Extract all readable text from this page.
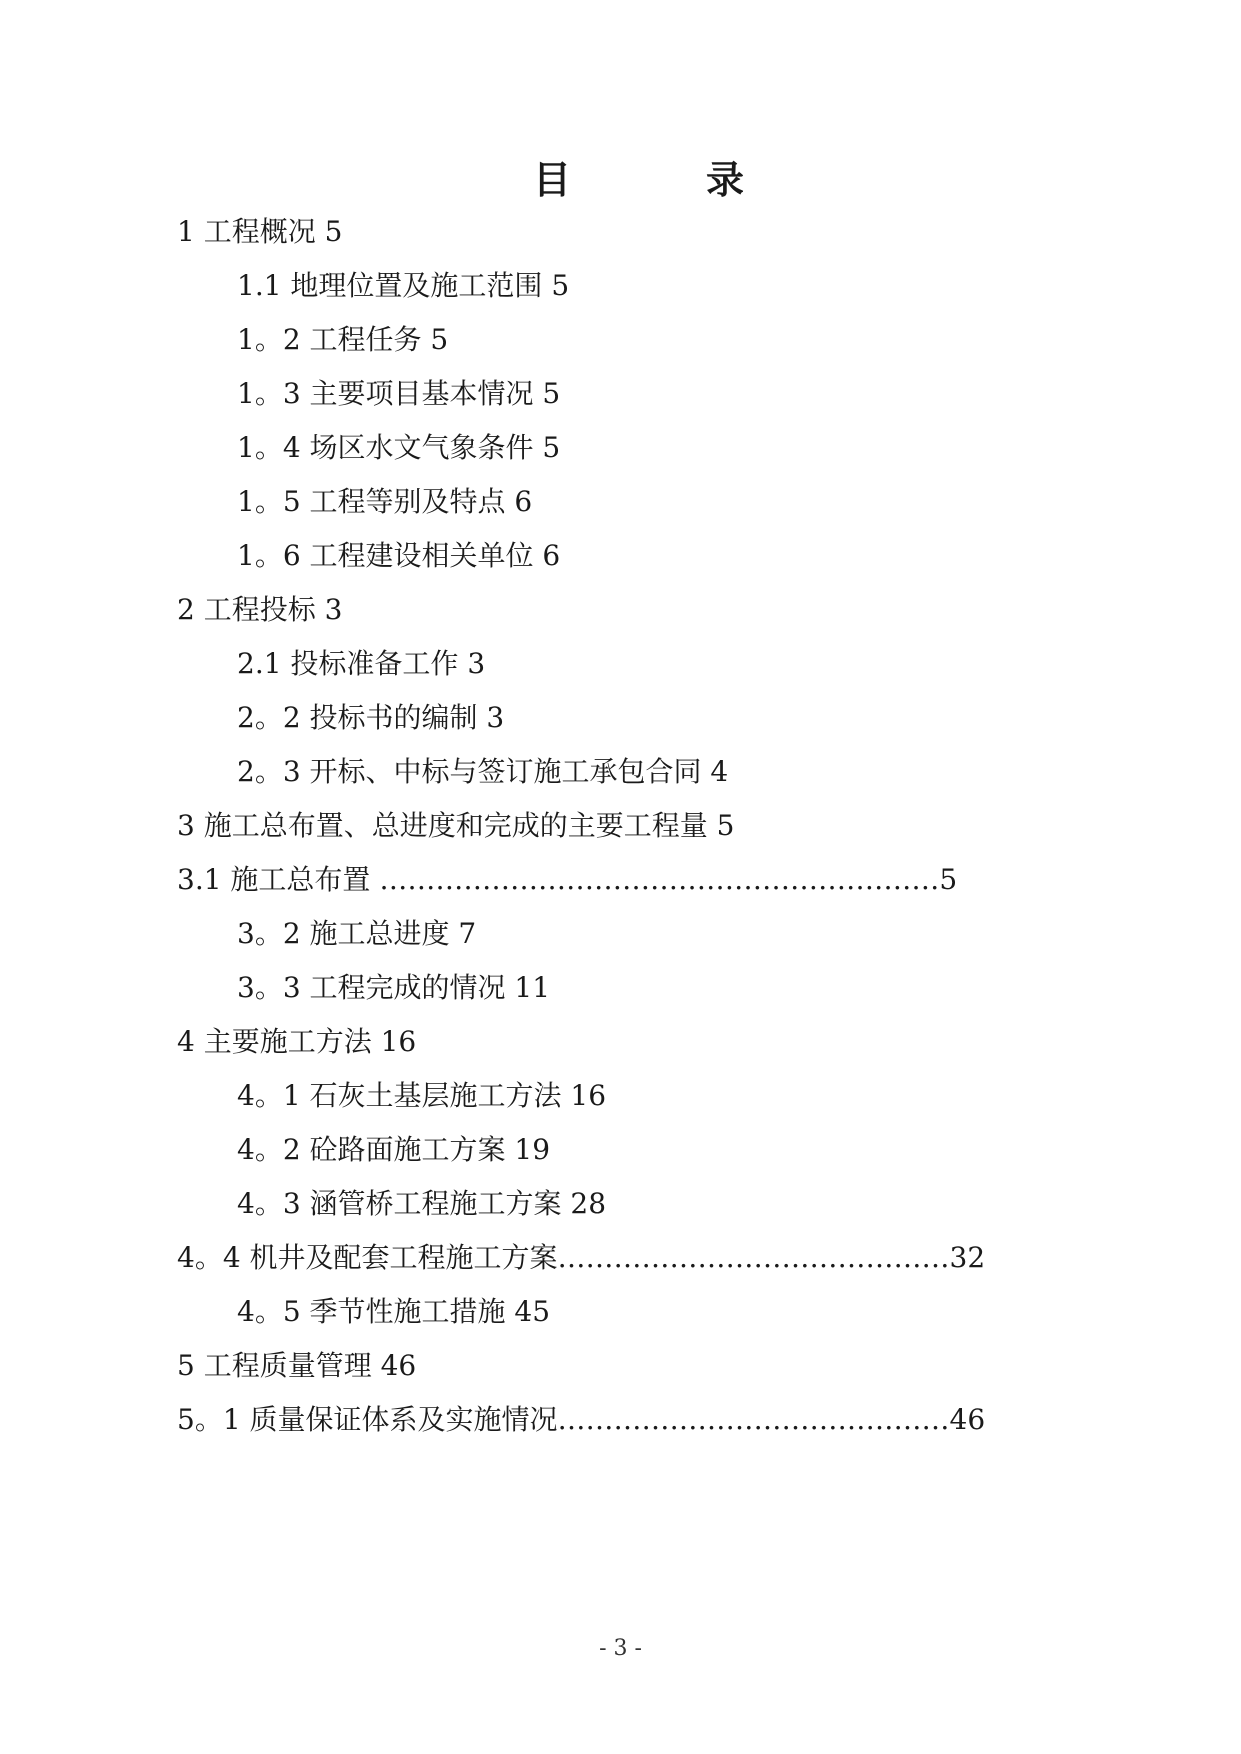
目	录
1 工程概况 5
1.1 地理位置及施工范围 5
1。2 工程任务 5
1。3 主要项目基本情况 5
1。4 场区水文气象条件 5
1。5 工程等别及特点 6
1。6 工程建设相关单位 6
2 工程投标 3
2.1 投标准备工作 3
2。2 投标书的编制 3
2。3 开标、中标与签订施工承包合同 4
3 施工总布置、总进度和完成的主要工程量 5
3.1 施工总布置 ……………………………………………………5
3。2 施工总进度 7
3。3 工程完成的情况 11
4 主要施工方法 16
4。1 石灰土基层施工方法 16
4。2 砼路面施工方案 19
4。3 涵管桥工程施工方案 28
4。4 机井及配套工程施工方案……………………………………32
4。5 季节性施工措施 45
5 工程质量管理 46
5。1 质量保证体系及实施情况……………………………………46
- 3 -
